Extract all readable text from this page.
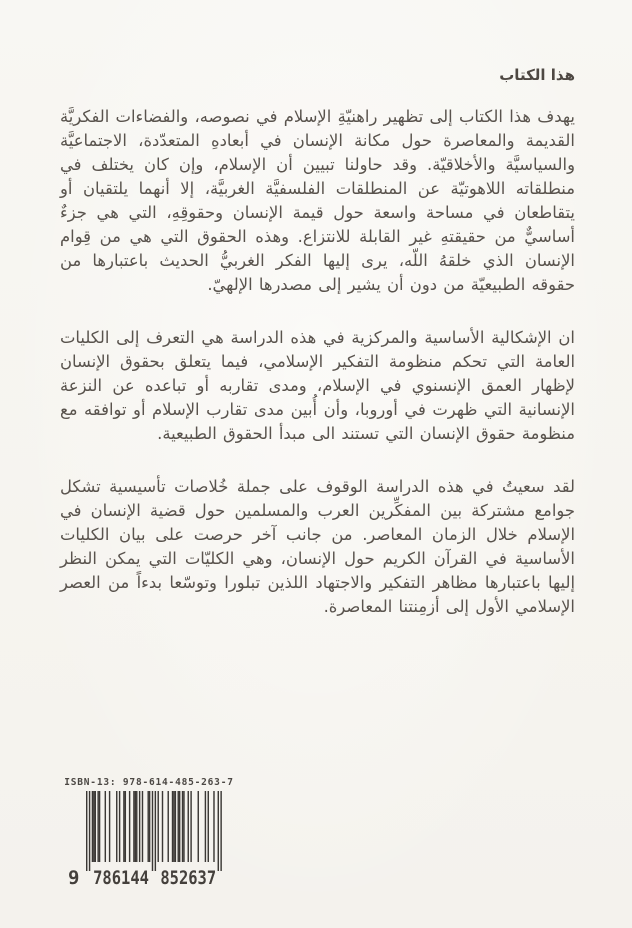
هذا الكتاب

يهدف هذا الكتاب إلى تظهير راهنيّةِ الإسلام في نصوصه، والفضاءات الفكريَّة القديمة والمعاصرة حول مكانة الإنسان في أبعادهِ المتعدّدة، الاجتماعيَّة والسياسيَّة والأخلاقيّة. وقد حاولنا تبيين أن الإسلام، وإن كان يختلف في منطلقاته اللاهوتيّة عن المنطلقات الفلسفيَّة الغربيَّة، إلا أنهما يلتقيان أو يتقاطعان في مساحة واسعة حول قيمة الإنسان وحقوقِهِ، التي هي جزءٌ أساسيٌّ من حقيقتهِ غير القابلة للانتزاع. وهذه الحقوق التي هي من قِوام الإنسان الذي خلقهُ اللّه، يرى إليها الفكر الغربيُّ الحديث باعتبارها من حقوقه الطبيعيّة من دون أن يشير إلى مصدرها الإلهيّ.

ان الإشكالية الأساسية والمركزية في هذه الدراسة هي التعرف إلى الكليات العامة التي تحكم منظومة التفكير الإسلامي، فيما يتعلق بحقوق الإنسان لإظهار العمق الإنسنوي في الإسلام، ومدى تقاربه أو تباعده عن النزعة الإنسانية التي ظهرت في أوروبا، وأن أُبين مدى تقارب الإسلام أو توافقه مع منظومة حقوق الإنسان التي تستند الى مبدأ الحقوق الطبيعية.

لقد سعيتُ في هذه الدراسة الوقوف على جملة خُلاصات تأسيسية تشكل جوامع مشتركة بين المفكِّرين العرب والمسلمين حول قضية الإنسان في الإسلام خلال الزمان المعاصر. من جانب آخر حرصت على بيان الكليات الأساسية في القرآن الكريم حول الإنسان، وهي الكليّات التي يمكن النظر إليها باعتبارها مظاهر التفكير والاجتهاد اللذين تبلورا وتوسّعا بدءاً من العصر الإسلامي الأول إلى أزمِنتنا المعاصرة.

ISBN-13: 978-614-485-263-7
9 786144 852637
